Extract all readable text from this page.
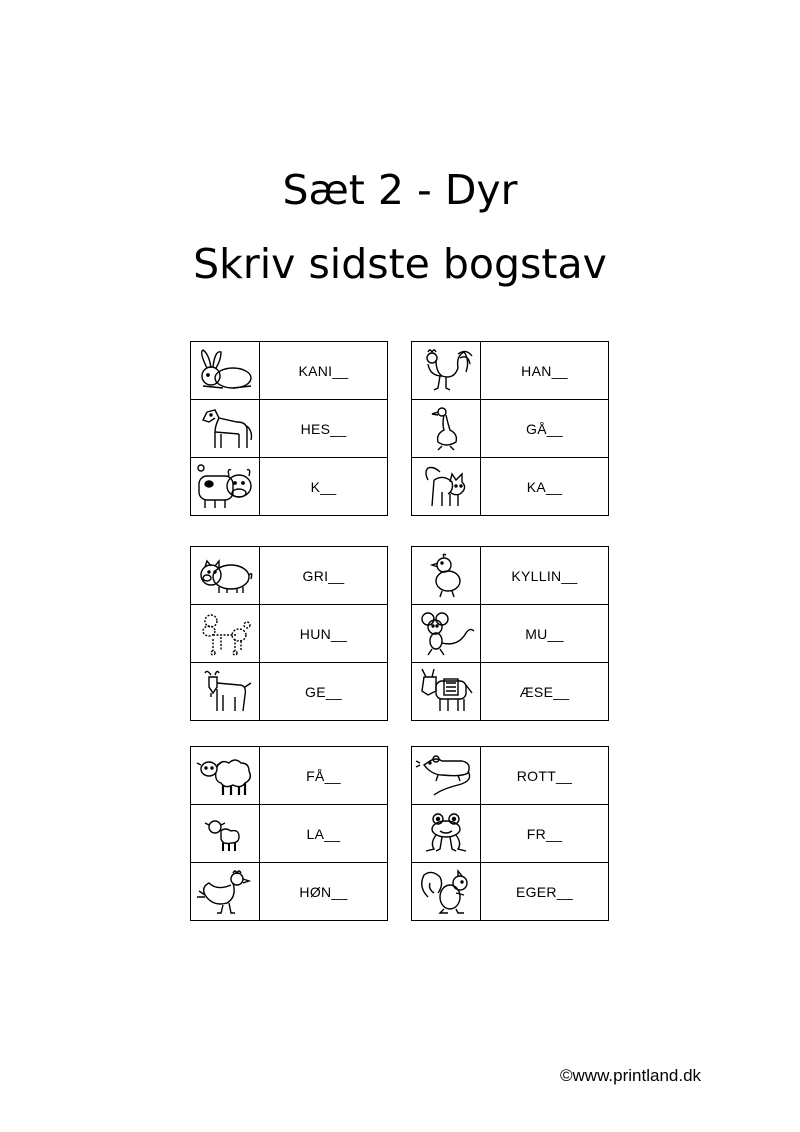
Sæt 2 - Dyr
Skriv sidste bogstav
	KANI__

	HES__

	K__
	HAN__

	GÅ__

	KA__
	GRI__

	HUN__

	GE__
	KYLLIN__

	MU__

	ÆSE__
	FÅ__

	LA__

	HØN__
	ROTT__

	FR__

	EGER__
©www.printland.dk
